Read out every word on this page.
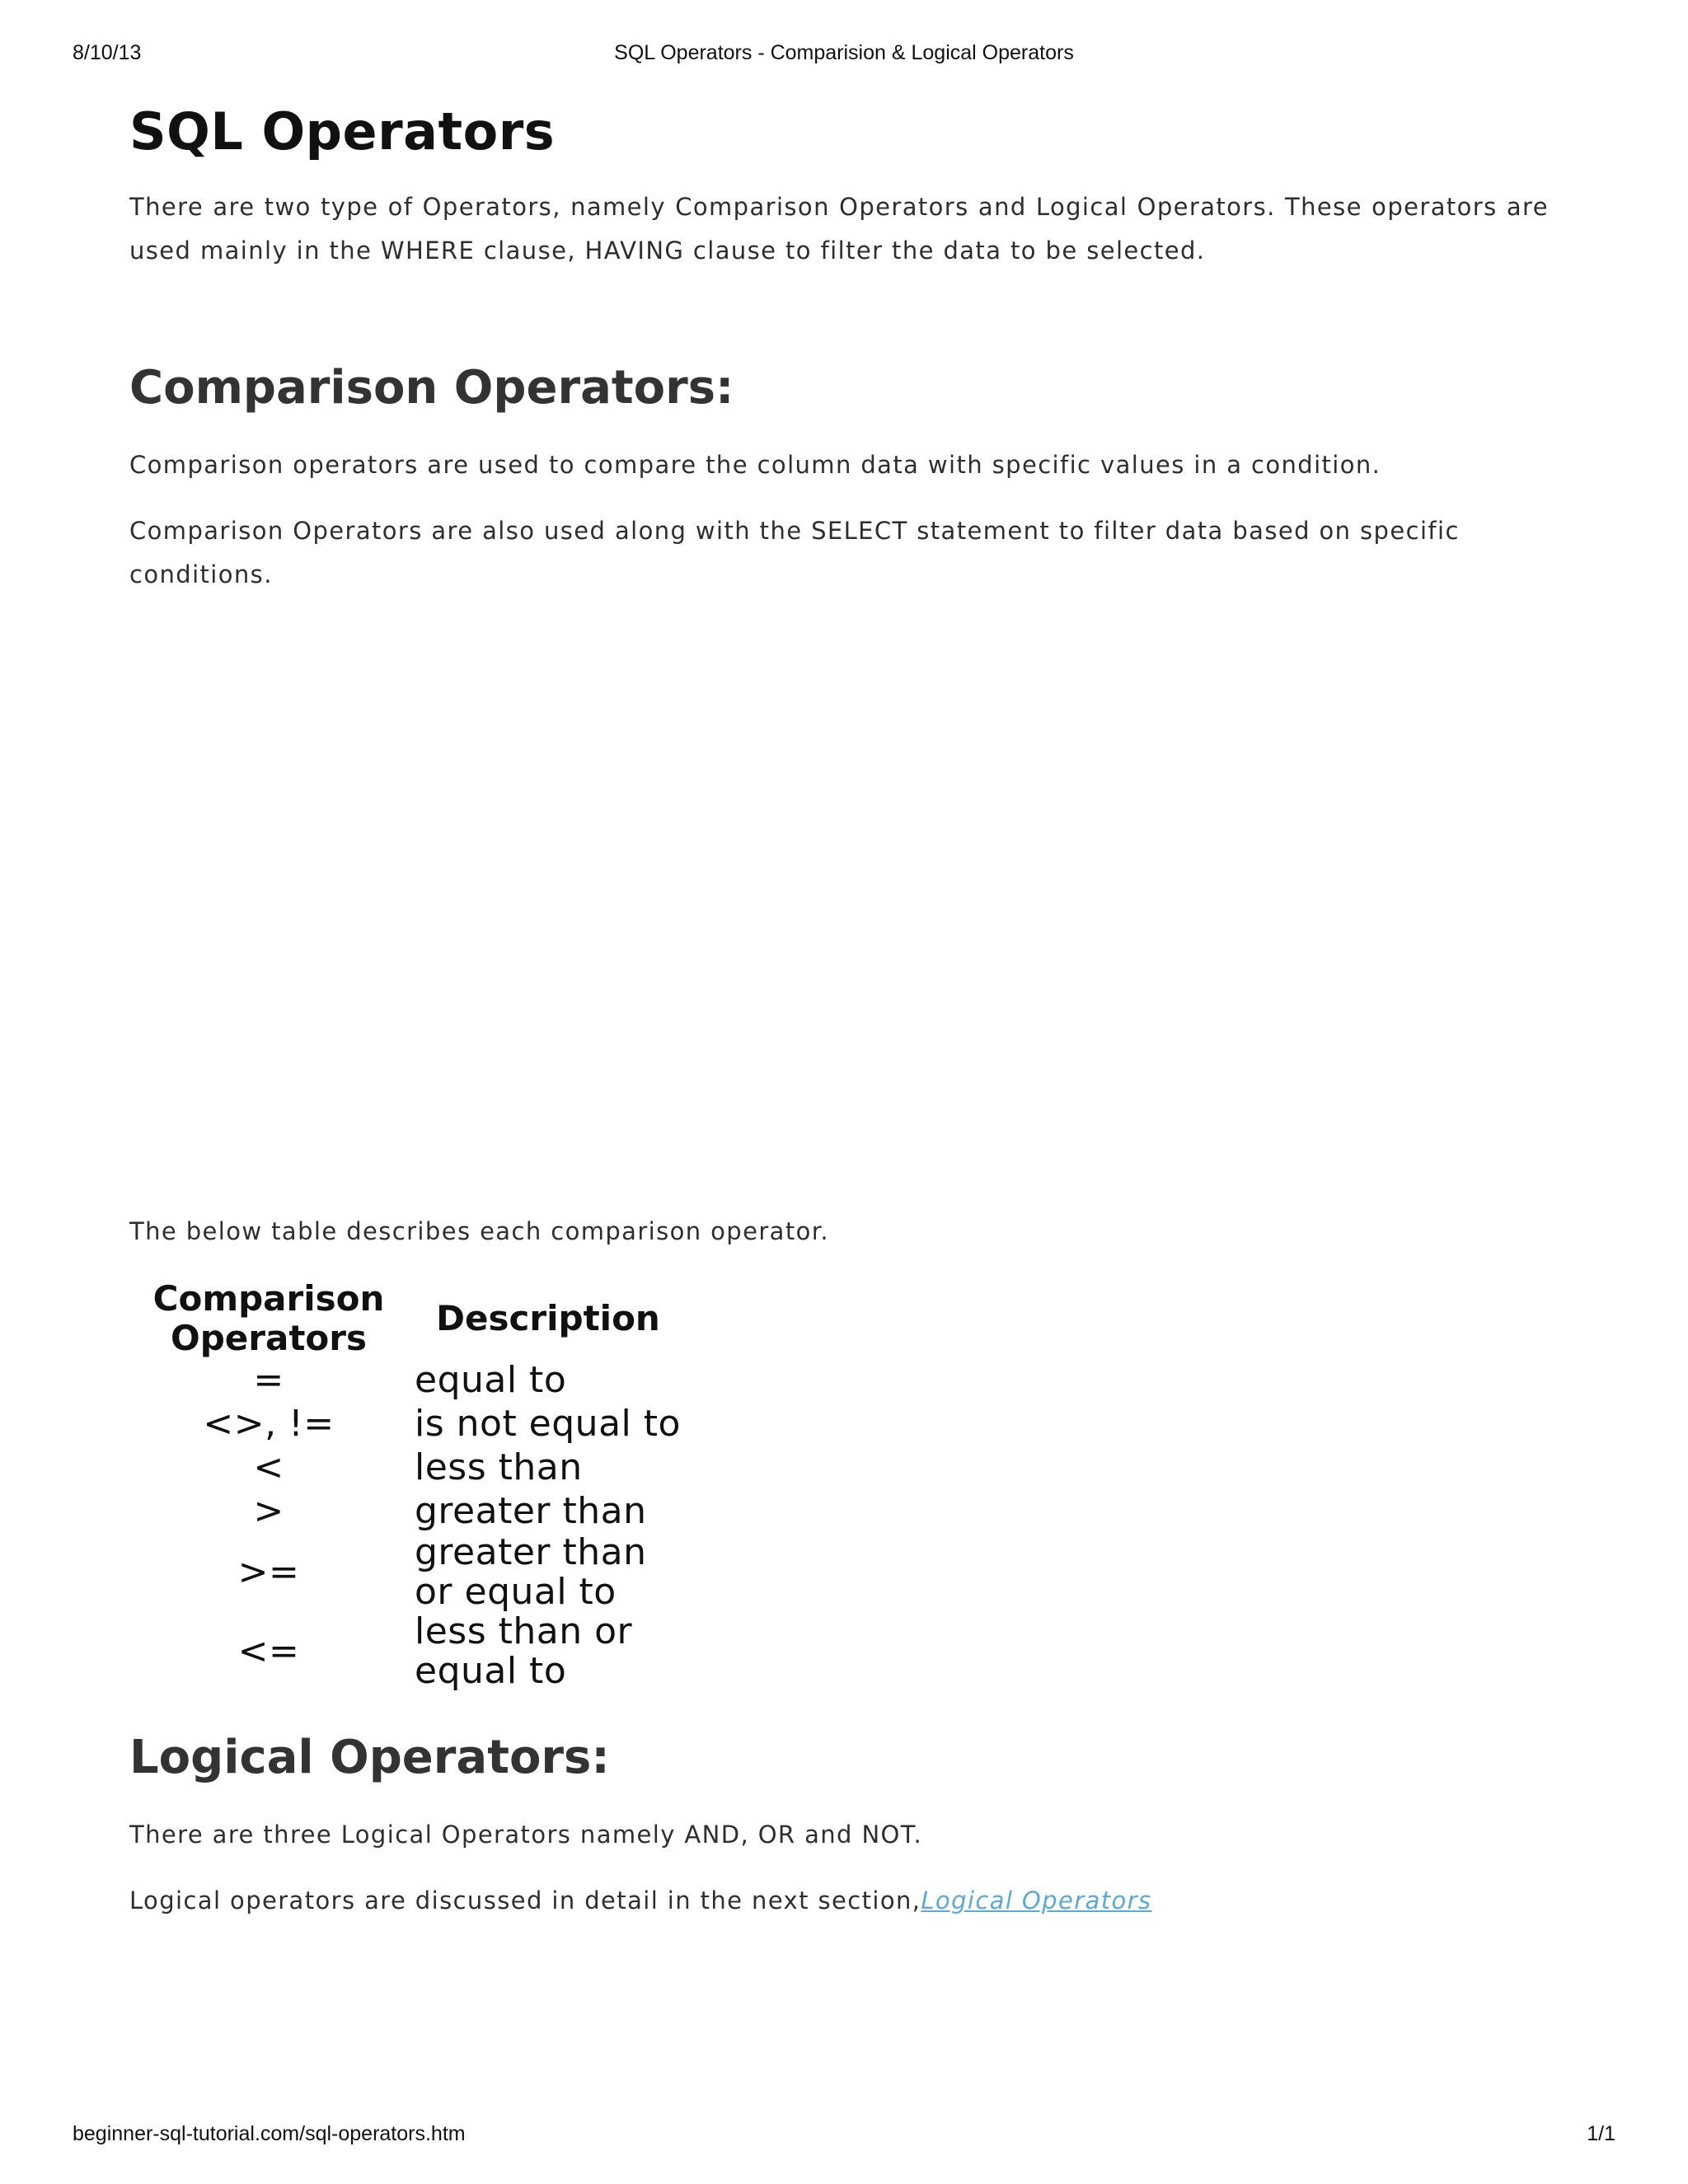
8/10/13	SQL Operators - Comparision & Logical Operators
SQL Operators

There are two type of Operators, namely Comparison Operators and Logical Operators. These operators are used mainly in the WHERE clause, HAVING clause to filter the data to be selected.

Comparison Operators:

Comparison operators are used to compare the column data with specific values in a condition.

Comparison Operators are also used along with the SELECT statement to filter data based on specific conditions.

The below table describes each comparison operator.

Comparison Operators	Description
=	equal to
<>, !=	is not equal to
<	less than
>	greater than
>=	greater than or equal to
<=	less than or equal to
Logical Operators:

There are three Logical Operators namely AND, OR and NOT.

Logical operators are discussed in detail in the next section,Logical Operators

beginner-sql-tutorial.com/sql-operators.htm	1/1
